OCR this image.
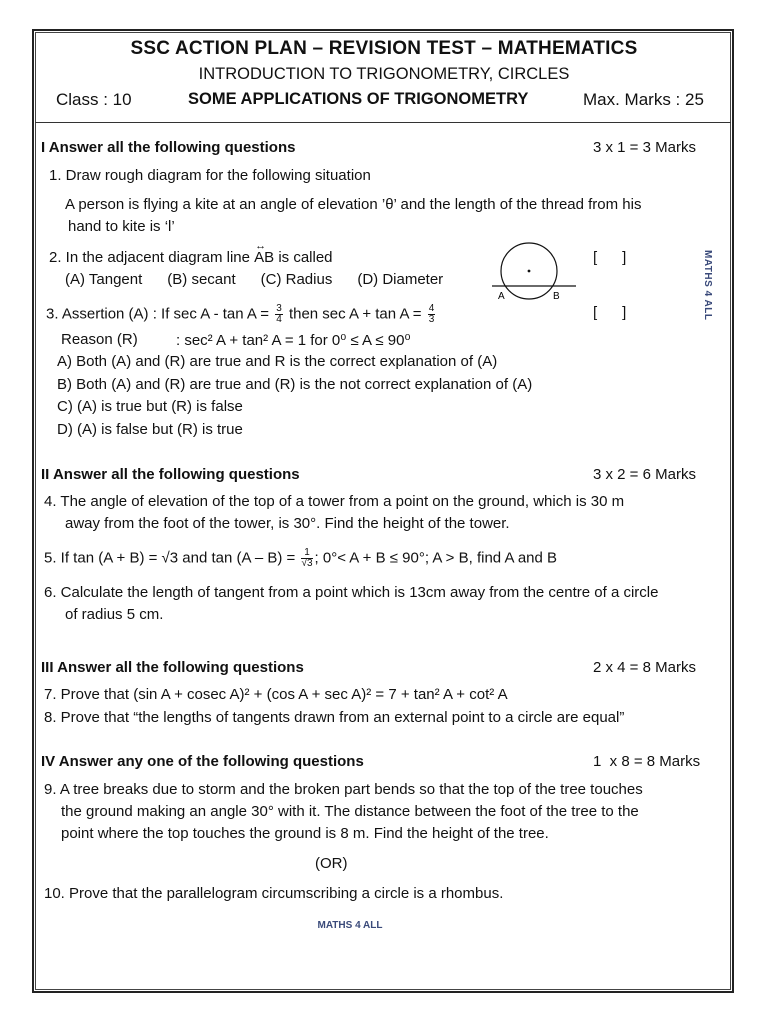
SSC ACTION PLAN – REVISION TEST – MATHEMATICS
INTRODUCTION TO TRIGONOMETRY, CIRCLES
Class : 10	SOME APPLICATIONS OF TRIGONOMETRY	Max. Marks : 25
I Answer all the following questions	3 x 1 = 3 Marks
1. Draw rough diagram for the following situation
A person is flying a kite at an angle of elevation ’θ’ and the length of the thread from his
hand to kite is ‘l’
2. In the adjacent diagram line ↔ AB is called
(A) Tangent      (B) secant      (C) Radius      (D) Diameter
[      ]
A	B	MATHS 4 ALL
3. Assertion (A) : If $\sec A - \tan A = \frac{3}{4}$ then $\sec A + \tan A = \frac{4}{3}$	[      ]
Reason (R)	: sec² A + tan² A = 1 for 0⁰ ≤ A ≤ 90⁰
A) Both (A) and (R) are true and R is the correct explanation of (A)
B) Both (A) and (R) are true and (R) is the not correct explanation of (A)
C) (A) is true but (R) is false
D) (A) is false but (R) is true
II Answer all the following questions	3 x 2 = 6 Marks
4. The angle of elevation of the top of a tower from a point on the ground, which is 30 m
away from the foot of the tower, is 30°. Find the height of the tower.
5. If tan (A + B) = √3 and $\tan (A - B) = \frac{1}{√3}$ ; 0°< A + B ≤ 90°; A > B, find A and B
6. Calculate the length of tangent from a point which is 13cm away from the centre of a circle
of radius 5 cm.
III Answer all the following questions	2 x 4 = 8 Marks
7. Prove that (sin A + cosec A)² + (cos A + sec A)² = 7 + tan² A + cot² A
8. Prove that “the lengths of tangents drawn from an external point to a circle are equal”
IV Answer any one of the following questions	1  x 8 = 8 Marks
9. A tree breaks due to storm and the broken part bends so that the top of the tree touches
the ground making an angle 30° with it. The distance between the foot of the tree to the
point where the top touches the ground is 8 m. Find the height of the tree.
(OR)
10. Prove that the parallelogram circumscribing a circle is a rhombus.
MATHS 4 ALL
